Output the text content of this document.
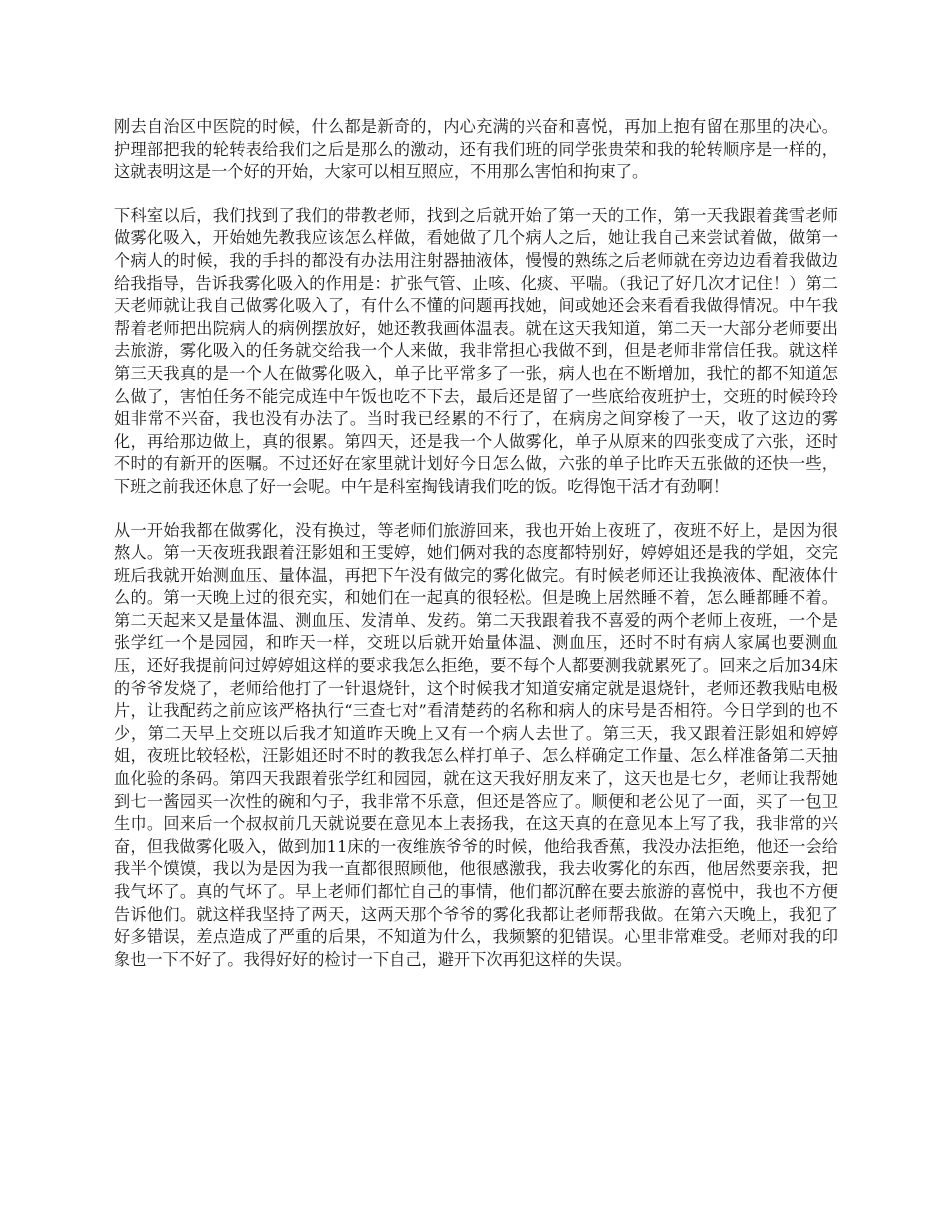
刚去自治区中医院的时候，什么都是新奇的，内心充满的兴奋和喜悦，再加上抱有留在那里的决心。护理部把我的轮转表给我们之后是那么的激动，还有我们班的同学张贵荣和我的轮转顺序是一样的，这就表明这是一个好的开始，大家可以相互照应，不用那么害怕和拘束了。

下科室以后，我们找到了我们的带教老师，找到之后就开始了第一天的工作，第一天我跟着龚雪老师做雾化吸入，开始她先教我应该怎么样做，看她做了几个病人之后，她让我自己来尝试着做，做第一个病人的时候，我的手抖的都没有办法用注射器抽液体，慢慢的熟练之后老师就在旁边边看着我做边给我指导，告诉我雾化吸入的作用是：扩张气管、止咳、化痰、平喘。（我记了好几次才记住！）第二天老师就让我自己做雾化吸入了，有什么不懂的问题再找她，间或她还会来看看我做得情况。中午我帮着老师把出院病人的病例摆放好，她还教我画体温表。就在这天我知道，第二天一大部分老师要出去旅游，雾化吸入的任务就交给我一个人来做，我非常担心我做不到，但是老师非常信任我。就这样第三天我真的是一个人在做雾化吸入，单子比平常多了一张，病人也在不断增加，我忙的都不知道怎么做了，害怕任务不能完成连中午饭也吃不下去，最后还是留了一些底给夜班护士，交班的时候玲玲姐非常不兴奋，我也没有办法了。当时我已经累的不行了，在病房之间穿梭了一天，收了这边的雾化，再给那边做上，真的很累。第四天，还是我一个人做雾化，单子从原来的四张变成了六张，还时不时的有新开的医嘱。不过还好在家里就计划好今日怎么做，六张的单子比昨天五张做的还快一些，下班之前我还休息了好一会呢。中午是科室掏钱请我们吃的饭。吃得饱干活才有劲啊！

从一开始我都在做雾化，没有换过，等老师们旅游回来，我也开始上夜班了，夜班不好上，是因为很熬人。第一天夜班我跟着汪影姐和王雯婷，她们俩对我的态度都特别好，婷婷姐还是我的学姐，交完班后我就开始测血压、量体温，再把下午没有做完的雾化做完。有时候老师还让我换液体、配液体什么的。第一天晚上过的很充实，和她们在一起真的很轻松。但是晚上居然睡不着，怎么睡都睡不着。第二天起来又是量体温、测血压、发清单、发药。第二天我跟着我不喜爱的两个老师上夜班，一个是张学红一个是园园，和昨天一样，交班以后就开始量体温、测血压，还时不时有病人家属也要测血压，还好我提前问过婷婷姐这样的要求我怎么拒绝，要不每个人都要测我就累死了。回来之后加34床的爷爷发烧了，老师给他打了一针退烧针，这个时候我才知道安痛定就是退烧针，老师还教我贴电极片，让我配药之前应该严格执行“三查七对”看清楚药的名称和病人的床号是否相符。今日学到的也不少，第二天早上交班以后我才知道昨天晚上又有一个病人去世了。第三天，我又跟着汪影姐和婷婷姐，夜班比较轻松，汪影姐还时不时的教我怎么样打单子、怎么样确定工作量、怎么样准备第二天抽血化验的条码。第四天我跟着张学红和园园，就在这天我好朋友来了，这天也是七夕，老师让我帮她到七一酱园买一次性的碗和勺子，我非常不乐意，但还是答应了。顺便和老公见了一面，买了一包卫生巾。回来后一个叔叔前几天就说要在意见本上表扬我，在这天真的在意见本上写了我，我非常的兴奋，但我做雾化吸入，做到加11床的一夜维族爷爷的时候，他给我香蕉，我没办法拒绝，他还一会给我半个馍馍，我以为是因为我一直都很照顾他，他很感激我，我去收雾化的东西，他居然要亲我，把我气坏了。真的气坏了。早上老师们都忙自己的事情，他们都沉醉在要去旅游的喜悦中，我也不方便告诉他们。就这样我坚持了两天，这两天那个爷爷的雾化我都让老师帮我做。在第六天晚上，我犯了好多错误，差点造成了严重的后果，不知道为什么，我频繁的犯错误。心里非常难受。老师对我的印象也一下不好了。我得好好的检讨一下自己，避开下次再犯这样的失误。
